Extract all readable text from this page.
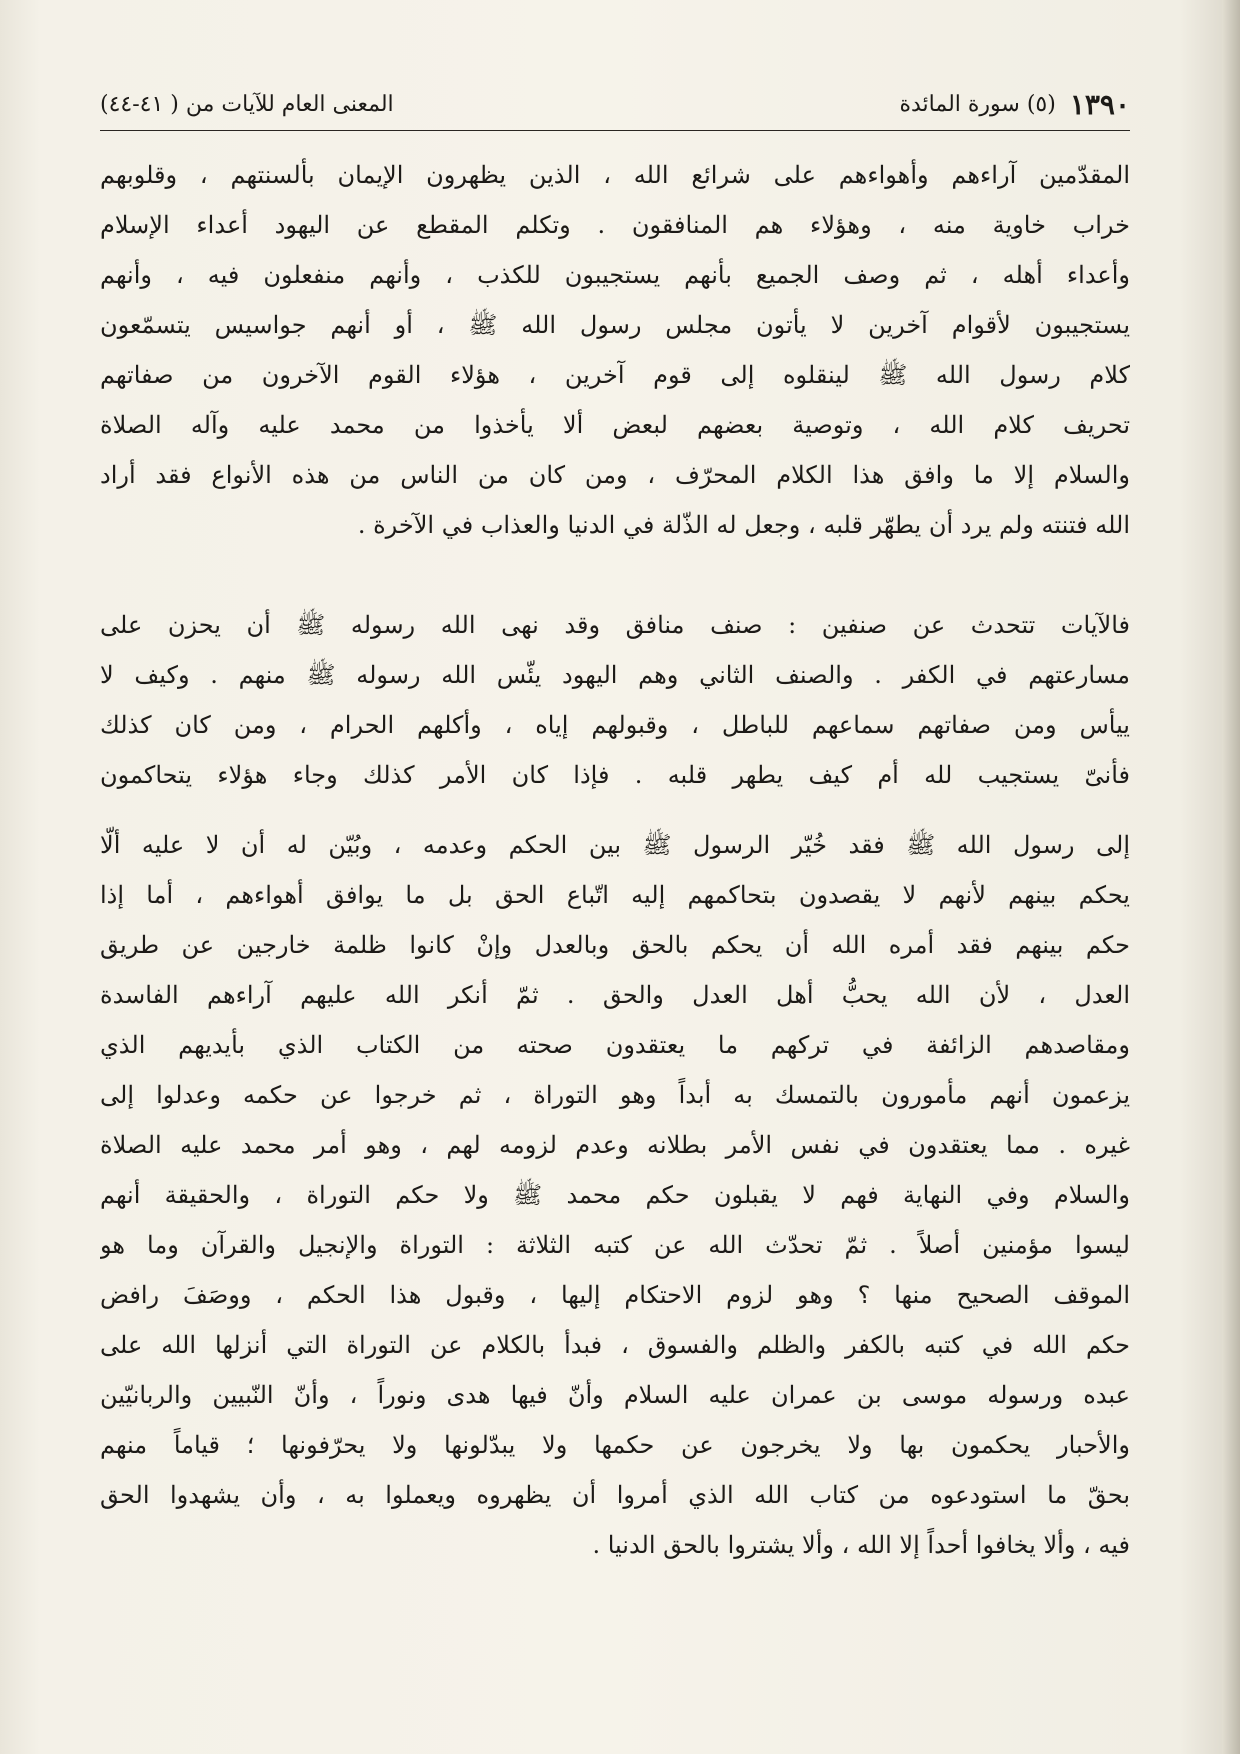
١٣٩٠
(٥) سورة المائدة
المعنى العام للآيات من ( ٤١-٤٤)
المقدّمين آراءهم وأهواءهم على شرائع الله ، الذين يظهرون الإيمان بألسنتهم ، وقلوبهم
خراب خاوية منه ، وهؤلاء هم المنافقون . وتكلم المقطع عن اليهود أعداء الإسلام
وأعداء أهله ، ثم وصف الجميع بأنهم يستجيبون للكذب ، وأنهم منفعلون فيه ، وأنهم
يستجيبون لأقوام آخرين لا يأتون مجلس رسول الله ﷺ ، أو أنهم جواسيس يتسمّعون
كلام رسول الله ﷺ لينقلوه إلى قوم آخرين ، هؤلاء القوم الآخرون من صفاتهم
تحريف كلام الله ، وتوصية بعضهم لبعض ألا يأخذوا من محمد عليه وآله الصلاة
والسلام إلا ما وافق هذا الكلام المحرّف ، ومن كان من الناس من هذه الأنواع فقد أراد
الله فتنته ولم يرد أن يطهّر قلبه ، وجعل له الذّلة في الدنيا والعذاب في الآخرة .
فالآيات تتحدث عن صنفين : صنف منافق وقد نهى الله رسوله ﷺ أن يحزن على
مسارعتهم في الكفر . والصنف الثاني وهم اليهود يئّس الله رسوله ﷺ منهم . وكيف لا
ييأس ومن صفاتهم سماعهم للباطل ، وقبولهم إياه ، وأكلهم الحرام ، ومن كان كذلك
فأنىّ يستجيب لله أم كيف يطهر قلبه . فإذا كان الأمر كذلك وجاء هؤلاء يتحاكمون
إلى رسول الله ﷺ فقد خُيّر الرسول ﷺ بين الحكم وعدمه ، وبُيّن له أن لا عليه ألّا
يحكم بينهم لأنهم لا يقصدون بتحاكمهم إليه اتّباع الحق بل ما يوافق أهواءهم ، أما إذا
حكم بينهم فقد أمره الله أن يحكم بالحق وبالعدل وإنْ كانوا ظلمة خارجين عن طريق
العدل ، لأن الله يحبُّ أهل العدل والحق . ثمّ أنكر الله عليهم آراءهم الفاسدة
ومقاصدهم الزائفة في تركهم ما يعتقدون صحته من الكتاب الذي بأيديهم الذي
يزعمون أنهم مأمورون بالتمسك به أبداً وهو التوراة ، ثم خرجوا عن حكمه وعدلوا إلى
غيره . مما يعتقدون في نفس الأمر بطلانه وعدم لزومه لهم ، وهو أمر محمد عليه الصلاة
والسلام وفي النهاية فهم لا يقبلون حكم محمد ﷺ ولا حكم التوراة ، والحقيقة أنهم
ليسوا مؤمنين أصلاً . ثمّ تحدّث الله عن كتبه الثلاثة : التوراة والإنجيل والقرآن وما هو
الموقف الصحيح منها ؟ وهو لزوم الاحتكام إليها ، وقبول هذا الحكم ، ووصَفَ رافض
حكم الله في كتبه بالكفر والظلم والفسوق ، فبدأ بالكلام عن التوراة التي أنزلها الله على
عبده ورسوله موسى بن عمران عليه السلام وأنّ فيها هدى ونوراً ، وأنّ النّبيين والربانيّين
والأحبار يحكمون بها ولا يخرجون عن حكمها ولا يبدّلونها ولا يحرّفونها ؛ قياماً منهم
بحقّ ما استودعوه من كتاب الله الذي أمروا أن يظهروه ويعملوا به ، وأن يشهدوا الحق
فيه ، وألا يخافوا أحداً إلا الله ، وألا يشتروا بالحق الدنيا .
